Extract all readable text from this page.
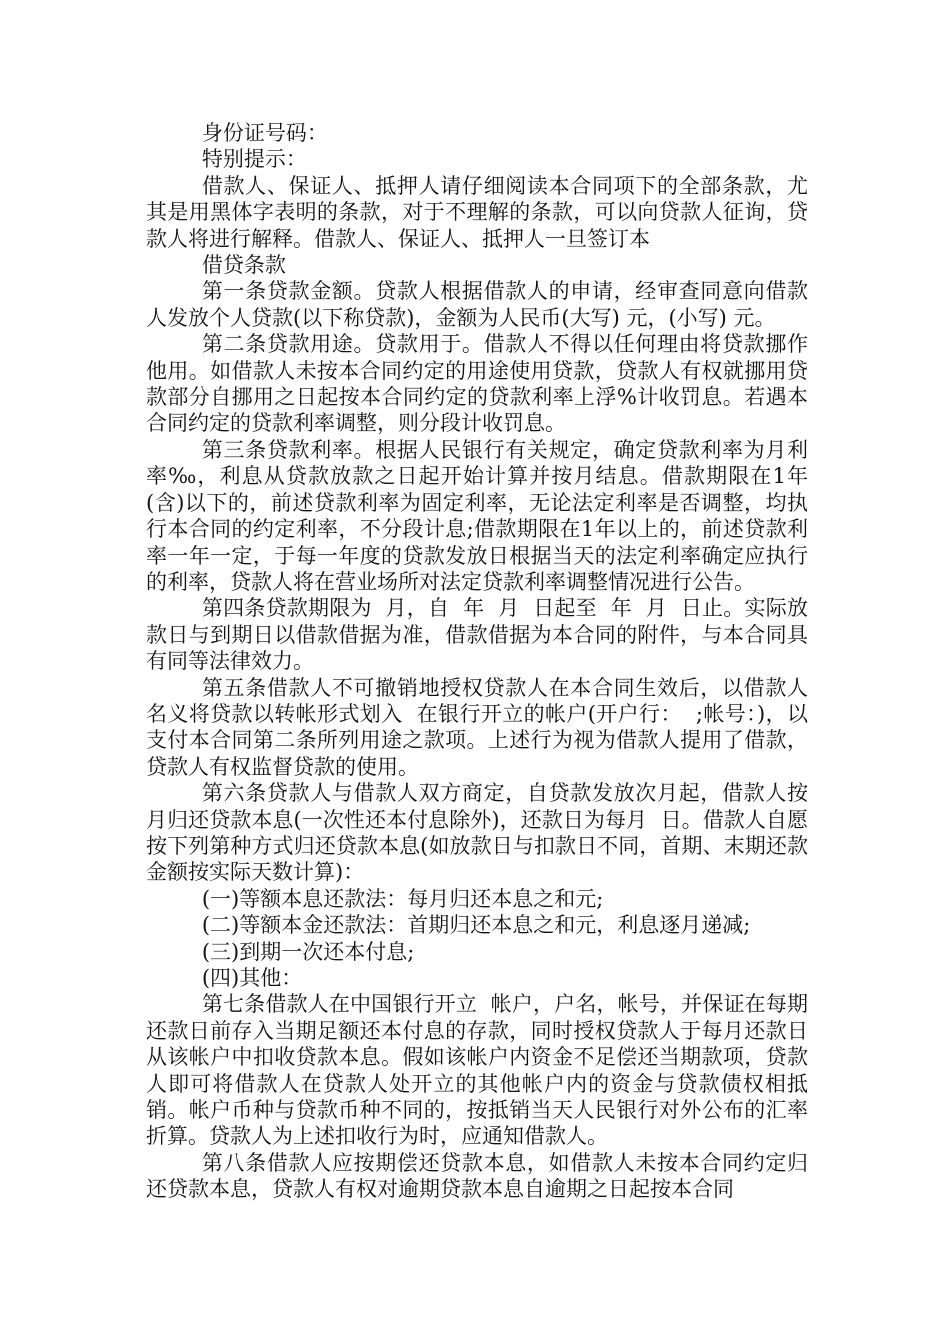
身份证号码：

特别提示：

借款人、保证人、抵押人请仔细阅读本合同项下的全部条款，尤其是用黑体字表明的条款，对于不理解的条款，可以向贷款人征询，贷款人将进行解释。借款人、保证人、抵押人一旦签订本

借贷条款

第一条贷款金额。贷款人根据借款人的申请，经审查同意向借款人发放个人贷款(以下称贷款)，金额为人民币(大写) 元，(小写) 元。

第二条贷款用途。贷款用于。借款人不得以任何理由将贷款挪作他用。如借款人未按本合同约定的用途使用贷款，贷款人有权就挪用贷款部分自挪用之日起按本合同约定的贷款利率上浮%计收罚息。若遇本合同约定的贷款利率调整，则分段计收罚息。

第三条贷款利率。根据人民银行有关规定，确定贷款利率为月利率‰，利息从贷款放款之日起开始计算并按月结息。借款期限在1年(含)以下的，前述贷款利率为固定利率，无论法定利率是否调整，均执行本合同的约定利率，不分段计息;借款期限在1年以上的，前述贷款利率一年一定，于每一年度的贷款发放日根据当天的法定利率确定应执行的利率，贷款人将在营业场所对法定贷款利率调整情况进行公告。

第四条贷款期限为  月，自  年  月  日起至  年  月  日止。实际放款日与到期日以借款借据为准，借款借据为本合同的附件，与本合同具有同等法律效力。

第五条借款人不可撤销地授权贷款人在本合同生效后，以借款人名义将贷款以转帐形式划入  在银行开立的帐户(开户行：  ;帐号：)，以支付本合同第二条所列用途之款项。上述行为视为借款人提用了借款，贷款人有权监督贷款的使用。

第六条贷款人与借款人双方商定，自贷款发放次月起，借款人按月归还贷款本息(一次性还本付息除外)，还款日为每月  日。借款人自愿按下列第种方式归还贷款本息(如放款日与扣款日不同，首期、末期还款金额按实际天数计算)：

(一)等额本息还款法：每月归还本息之和元;

(二)等额本金还款法：首期归还本息之和元，利息逐月递减;

(三)到期一次还本付息;

(四)其他：

第七条借款人在中国银行开立  帐户，户名，帐号，并保证在每期还款日前存入当期足额还本付息的存款，同时授权贷款人于每月还款日从该帐户中扣收贷款本息。假如该帐户内资金不足偿还当期款项，贷款人即可将借款人在贷款人处开立的其他帐户内的资金与贷款债权相抵销。帐户币种与贷款币种不同的，按抵销当天人民银行对外公布的汇率折算。贷款人为上述扣收行为时，应通知借款人。

第八条借款人应按期偿还贷款本息，如借款人未按本合同约定归还贷款本息，贷款人有权对逾期贷款本息自逾期之日起按本合同
